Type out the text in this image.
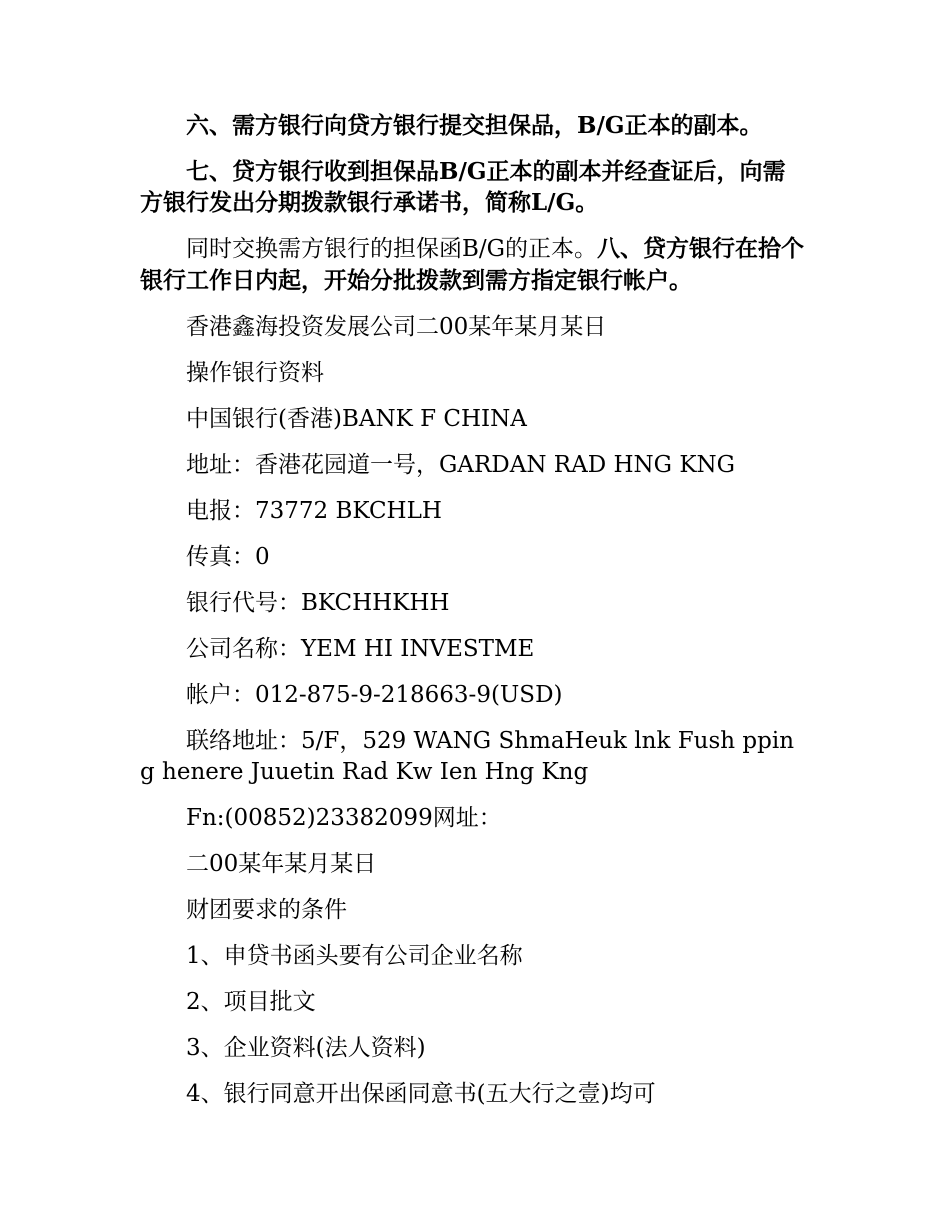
六、需方银行向贷方银行提交担保品，B/G正本的副本。

七、贷方银行收到担保品B/G正本的副本并经查证后，向需方银行发出分期拨款银行承诺书，简称L/G。

同时交换需方银行的担保函B/G的正本。八、贷方银行在拾个银行工作日内起，开始分批拨款到需方指定银行帐户。

香港鑫海投资发展公司二00某年某月某日

操作银行资料

中国银行(香港)BANK F CHINA

地址：香港花园道一号，GARDAN RAD HNG KNG

电报：73772 BKCHLH

传真：0

银行代号：BKCHHKHH

公司名称：YEM HI INVESTME

帐户：012-875-9-218663-9(USD)

联络地址：5/F，529 WANG ShmaHeuk lnk Fush pping henere Juuetin Rad Kw Ien Hng Kng

Fn:(00852)23382099网址：

二00某年某月某日

财团要求的条件

1、申贷书函头要有公司企业名称

2、项目批文

3、企业资料(法人资料)

4、银行同意开出保函同意书(五大行之壹)均可
